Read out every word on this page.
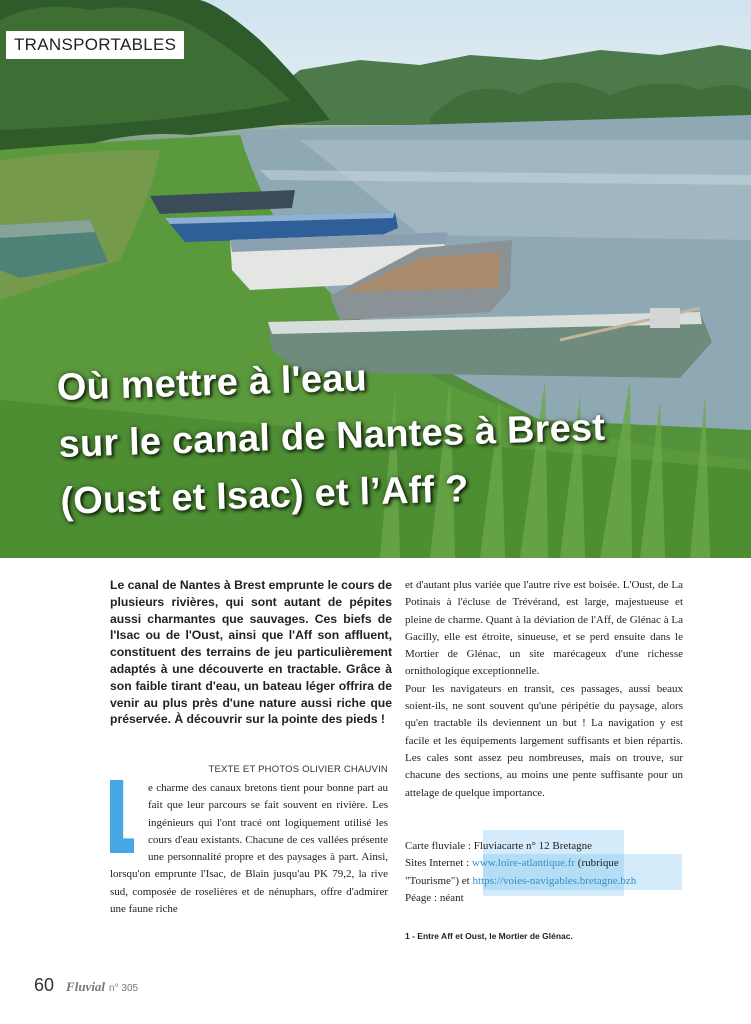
TRANSPORTABLES
Où mettre à l'eau
sur le canal de Nantes à Brest
(Oust et Isac) et l’Aff ?

Le canal de Nantes à Brest emprunte le cours de plusieurs rivières, qui sont autant de pépites aussi charmantes que sauvages. Ces biefs de l'Isac ou de l'Oust, ainsi que l'Aff son affluent, constituent des terrains de jeu particulièrement adaptés à une découverte en tractable. Grâce à son faible tirant d'eau, un bateau léger offrira de venir au plus près d'une nature aussi riche que préservée. À découvrir sur la pointe des pieds !

TEXTE ET PHOTOS OLIVIER CHAUVIN

e charme des canaux bretons tient pour bonne part au fait que leur parcours se fait souvent en rivière. Les ingénieurs qui l'ont tracé ont logiquement utilisé les cours d'eau existants. Chacune de ces vallées présente une personnalité propre et des paysages à part. Ainsi, lorsqu'on emprunte l'Isac, de Blain jusqu'au PK 79,2, la rive sud, composée de roselières et de nénuphars, offre d'admirer une faune riche

et d'autant plus variée que l'autre rive est boisée. L'Oust, de La Potinais à l'écluse de Trévérand, est large, majestueuse et pleine de charme. Quant à la déviation de l'Aff, de Glénac à La Gacilly, elle est étroite, sinueuse, et se perd ensuite dans le Mortier de Glénac, un site marécageux d'une richesse ornithologique exceptionnelle.

Pour les navigateurs en transit, ces passages, aussi beaux soient-ils, ne sont souvent qu'une péripétie du paysage, alors qu'en tractable ils deviennent un but ! La navigation y est facile et les équipements largement suffisants et bien répartis. Les cales sont assez peu nombreuses, mais on trouve, sur chacune des sections, au moins une pente suffisante pour un attelage de quelque importance.

Carte fluviale : Fluviacarte n° 12 Bretagne
Sites Internet : www.loire-atlantique.fr (rubrique
"Tourisme") et https://voies-navigables.bretagne.bzh
Péage : néant
1 - Entre Aff et Oust, le Mortier de Glénac.
60 Fluvial n° 305
